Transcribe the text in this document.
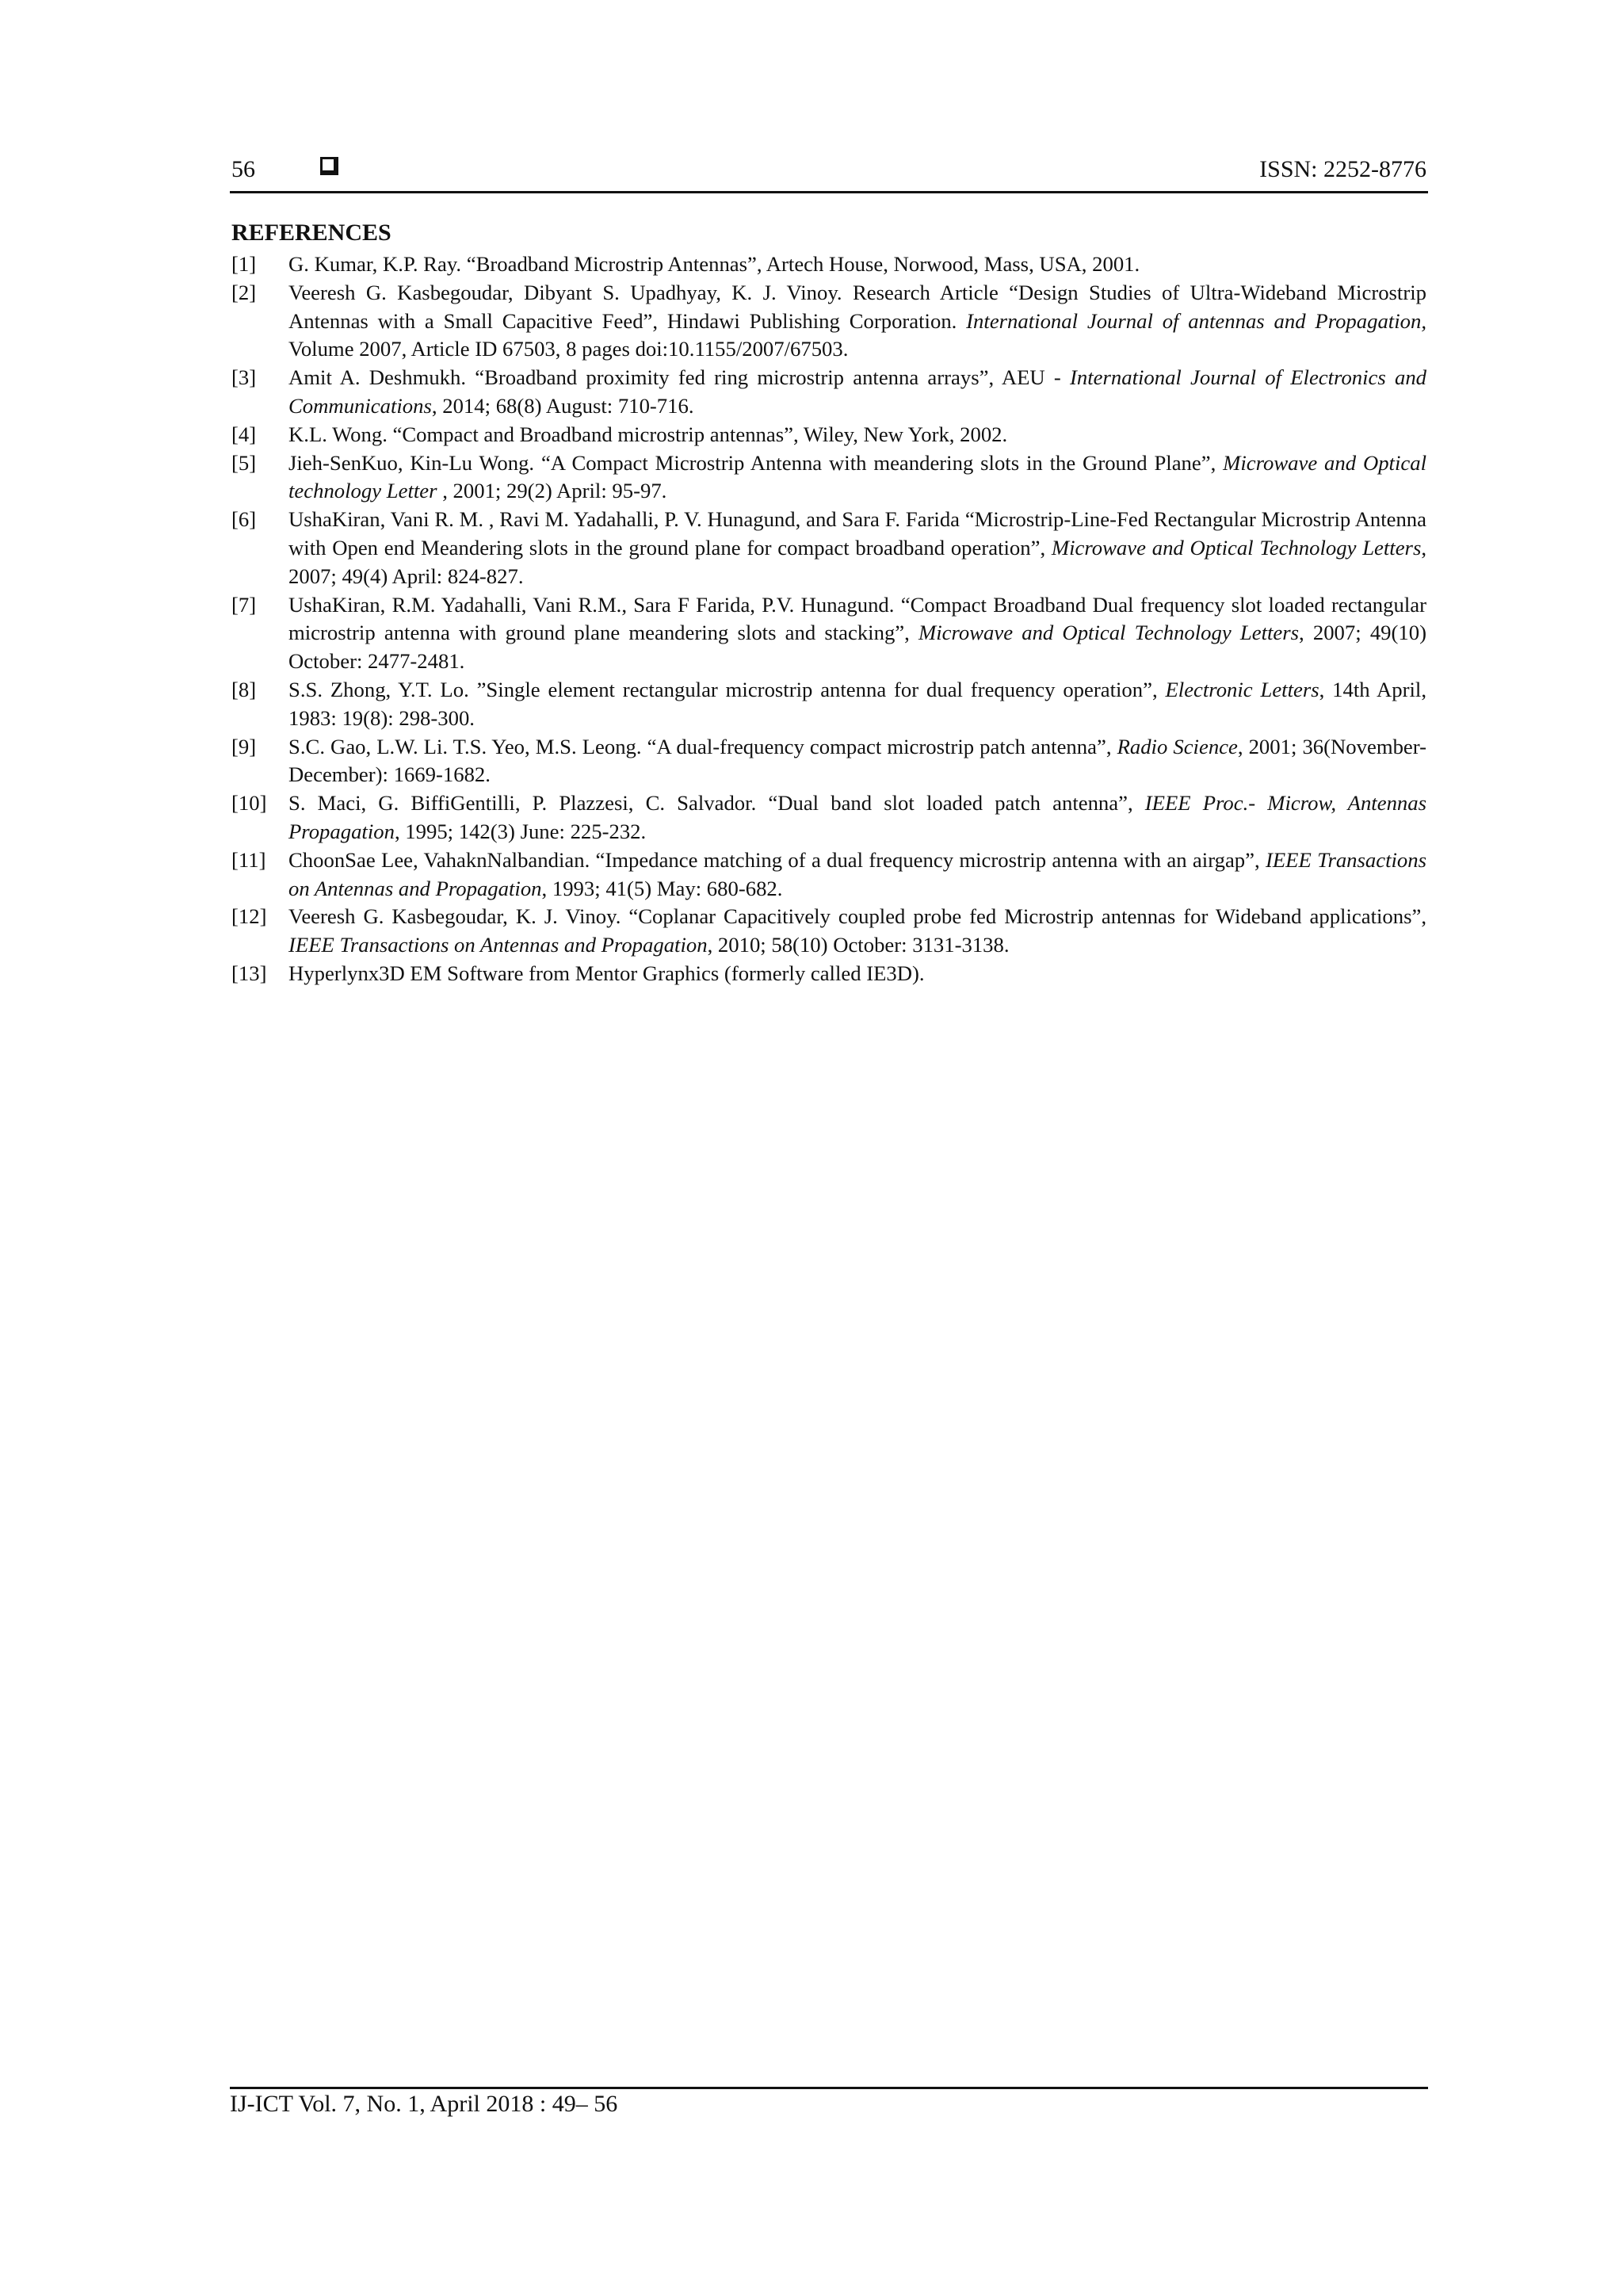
56	ISSN: 2252-8776
REFERENCES
[1]	G. Kumar, K.P. Ray. “Broadband Microstrip Antennas”, Artech House, Norwood, Mass, USA, 2001.
[2]	Veeresh G. Kasbegoudar, Dibyant S. Upadhyay, K. J. Vinoy. Research Article “Design Studies of Ultra-Wideband Microstrip Antennas with a Small Capacitive Feed”, Hindawi Publishing Corporation. International Journal of antennas and Propagation, Volume 2007, Article ID 67503, 8 pages doi:10.1155/2007/67503.
[3]	Amit A. Deshmukh. “Broadband proximity fed ring microstrip antenna arrays”, AEU - International Journal of Electronics and Communications, 2014; 68(8) August: 710-716.
[4]	K.L. Wong. “Compact and Broadband microstrip antennas”, Wiley, New York, 2002.
[5]	Jieh-SenKuo, Kin-Lu Wong. “A Compact Microstrip Antenna with meandering slots in the Ground Plane”, Microwave and Optical technology Letter , 2001; 29(2) April: 95-97.
[6]	UshaKiran, Vani R. M. , Ravi M. Yadahalli, P. V. Hunagund, and Sara F. Farida “Microstrip-Line-Fed Rectangular Microstrip Antenna with Open end Meandering slots in the ground plane for compact broadband operation”, Microwave and Optical Technology Letters, 2007; 49(4) April: 824-827.
[7]	UshaKiran, R.M. Yadahalli, Vani R.M., Sara F Farida, P.V. Hunagund. “Compact Broadband Dual frequency slot loaded rectangular microstrip antenna with ground plane meandering slots and stacking”, Microwave and Optical Technology Letters, 2007; 49(10) October: 2477-2481.
[8]	S.S. Zhong, Y.T. Lo. ”Single element rectangular microstrip antenna for dual frequency operation”, Electronic Letters, 14th April, 1983: 19(8): 298-300.
[9]	S.C. Gao, L.W. Li. T.S. Yeo, M.S. Leong. “A dual-frequency compact microstrip patch antenna”, Radio Science, 2001; 36(November-December): 1669-1682.
[10]	S. Maci, G. BiffiGentilli, P. Plazzesi, C. Salvador. “Dual band slot loaded patch antenna”, IEEE Proc.- Microw, Antennas Propagation, 1995; 142(3) June: 225-232.
[11]	ChoonSae Lee, VahaknNalbandian. “Impedance matching of a dual frequency microstrip antenna with an airgap”, IEEE Transactions on Antennas and Propagation, 1993; 41(5) May: 680-682.
[12]	Veeresh G. Kasbegoudar, K. J. Vinoy. “Coplanar Capacitively coupled probe fed Microstrip antennas for Wideband applications”, IEEE Transactions on Antennas and Propagation, 2010; 58(10) October: 3131-3138.
[13]	Hyperlynx3D EM Software from Mentor Graphics (formerly called IE3D).
IJ-ICT Vol. 7, No. 1, April 2018 : 49– 56
